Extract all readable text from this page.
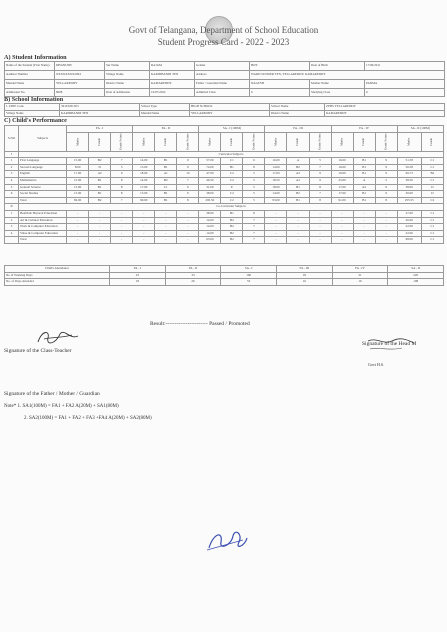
Govt of Telangana, Department of School Education
Student Progress Card - 2022 - 2023
A) Student Information
Name of the Student (First Name)	DHANUSH	Sur Name	RAJAM	Gender	BOY	Date of Birth	17/09/2011
Aadhaar Number	XXXXXXXX2964	Village Name	KARIDHANDI TEN	Address	WARD SUNDER TEN, YELLAREDDY, KAMAREDDY		
Mandal Name	YELLAREDDY	District Name	KAMAREDDY	Father / Guardian Name	NAGESH	Mother Name	PADMA
Admission No.	8008	Date of Admission	16/07/2022	Admitted Class	6	Studying Class	6
B) School Information
1. DISE Code	36103201303	School Type	HIGH SCHOOL	School Name	ZPHS YELLAREDDY
Village Name	KARIDHANDI TEN	Mandal Name	YELLAREDDY	District Name	KAMAREDDY
C) Child's Performance
S.NO	Subjects	FA - I			FA - II			SA - I (100M)			FA - III			FA - IV			SA - II (100M)	
		Marks	Grade	Grade Points	Marks	Grade	Grade Points	Marks	Grade	Grade Points	Marks	Grade	Grade Points	Marks	Grade	Grade Points	Marks	Grade
I	Curricular Subjects																	
1	First Language	15.00	B2	7	14.00	B1	9	57.00	C1	6	16.00	A	5	16.00	B1	9	51.58	C1
2	Second Language	8.00	D	5	13.00	B1	9	74.00	B1	8	14.00	B2	7	16.00	B1	9	56.58	C1
3	English	17.00	A2	9	18.00	A1	10	47.00	C2	5	17.00	A2	9	16.00	B1	9	69.73	B2
4	Mathematics	15.00	B1	8	14.00	B2	7	46.50	C2	5	18.50	A2	9	25.00	A	5	38.50	C1
5	General Science	15.00	B1	8	17.00	C1	6	31.00	E	5	18.00	B1	8	17.00	A2	9	38.00	D
6	Social Studies	15.00	B1	8	15.00	B1	9	38.00	C2	5	14.00	B2	7	17.00	B1	9	30.00	D
	Total	82.00	B2	7	90.00	B1	8	295.50	C2	5	93.00	B1	8	91.00	B1	8	255.55	C2
II	Co-Curricular Subjects																	
1	Health & Physical Education	-	-	-	-	-	-	38.00	B1	8	-	-	-	-	-	-	27.00	C1
2	Art & Cultural Education	-	-	-	-	-	-	14.00	B2	7	-	-	-	-	-	-	26.00	C1
3	Work & Computer Education	-	-	-	-	-	-	14.00	B2	7	-	-	-	-	-	-	22.00	C1
4	Value & Computer Education	-	-	-	-	-	-	14.00	B2	7	-	-	-	-	-	-	22.00	C1
	Total	-	-	-	-	-	-	63.00	B2	7	-	-	-	-	-	-	98.00	C1
Child's Attendance	FA - I	FA - II	SA - I	FA - III	FA - IV	SA - II
No of Working Days	23	33	160	18	21	220
No. of Days Attended	18	26	53	16	16	108
Result:----------------------- Passed / Promoted
Signature of the Class-Teacher
Signature of the Head M
Govt H.S.
Signature of the Father / Mother / Guardian
Note* 1. SA1(100M) = FA1 + FA2 A(20M) + SA1(80M)
2. SA2(100M) = FA1 + FA2 + FA3 +FA4 A(20M) + SA2(80M)
